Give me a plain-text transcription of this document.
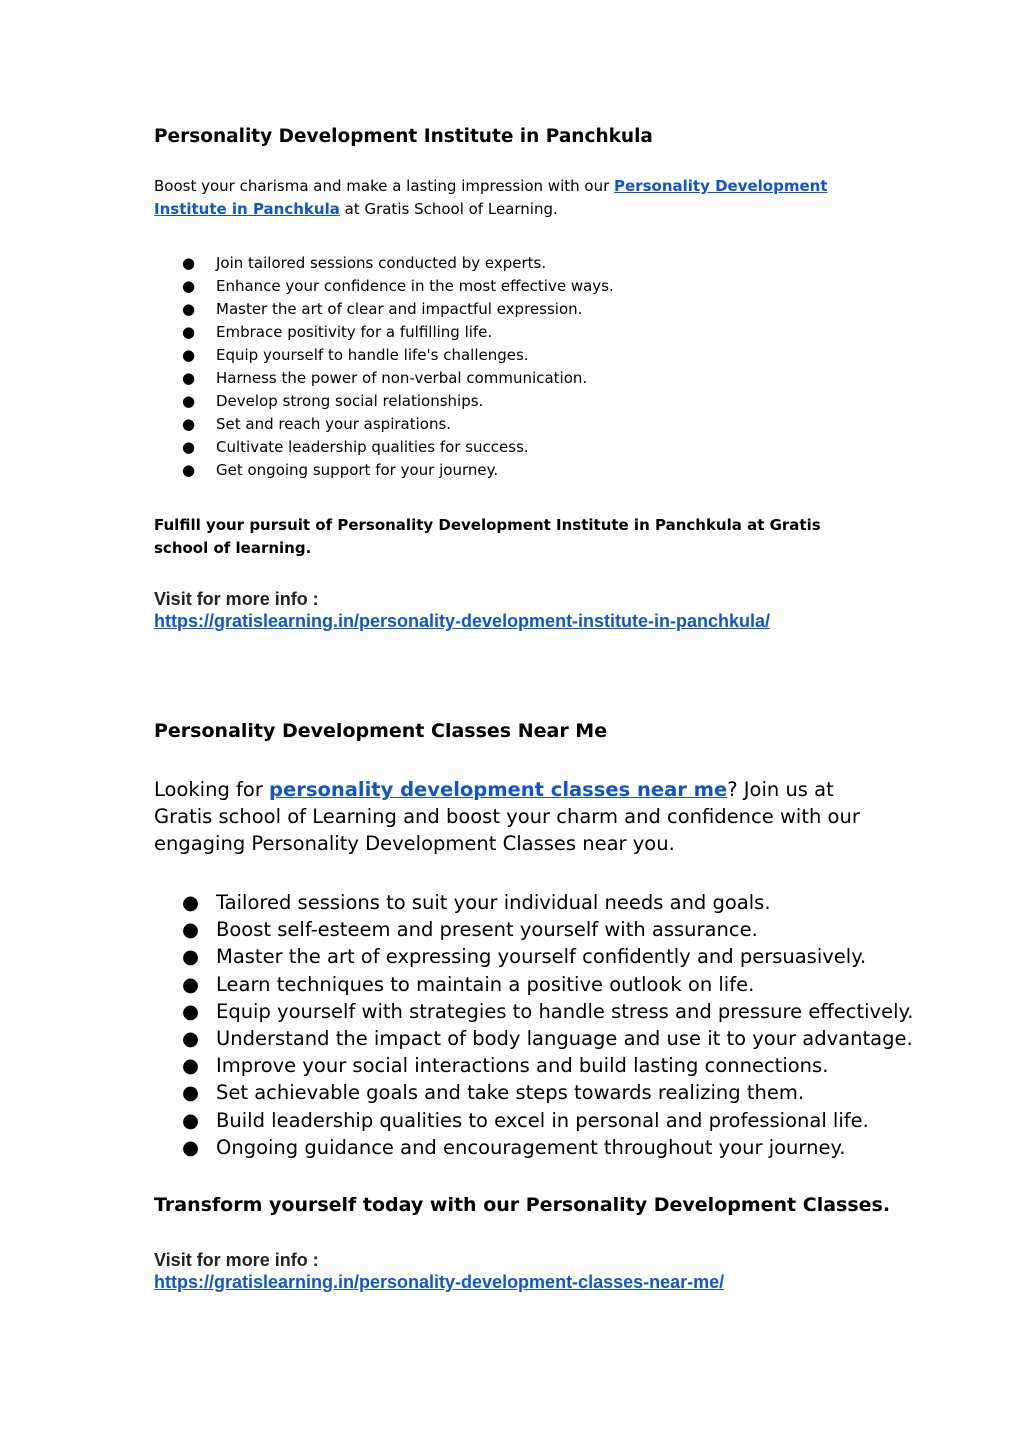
Personality Development Institute in Panchkula

Boost your charisma and make a lasting impression with our Personality Development Institute in Panchkula at Gratis School of Learning.

● Join tailored sessions conducted by experts.
● Enhance your confidence in the most effective ways.
● Master the art of clear and impactful expression.
● Embrace positivity for a fulfilling life.
● Equip yourself to handle life's challenges.
● Harness the power of non-verbal communication.
● Develop strong social relationships.
● Set and reach your aspirations.
● Cultivate leadership qualities for success.
● Get ongoing support for your journey.

Fulfill your pursuit of Personality Development Institute in Panchkula at Gratis school of learning.

Visit for more info :
https://gratislearning.in/personality-development-institute-in-panchkula/
Personality Development Classes Near Me

Looking for personality development classes near me? Join us at Gratis school of Learning and boost your charm and confidence with our engaging Personality Development Classes near you.

● Tailored sessions to suit your individual needs and goals.
● Boost self-esteem and present yourself with assurance.
● Master the art of expressing yourself confidently and persuasively.
● Learn techniques to maintain a positive outlook on life.
● Equip yourself with strategies to handle stress and pressure effectively.
● Understand the impact of body language and use it to your advantage.
● Improve your social interactions and build lasting connections.
● Set achievable goals and take steps towards realizing them.
● Build leadership qualities to excel in personal and professional life.
● Ongoing guidance and encouragement throughout your journey.

Transform yourself today with our Personality Development Classes.

Visit for more info :
https://gratislearning.in/personality-development-classes-near-me/
